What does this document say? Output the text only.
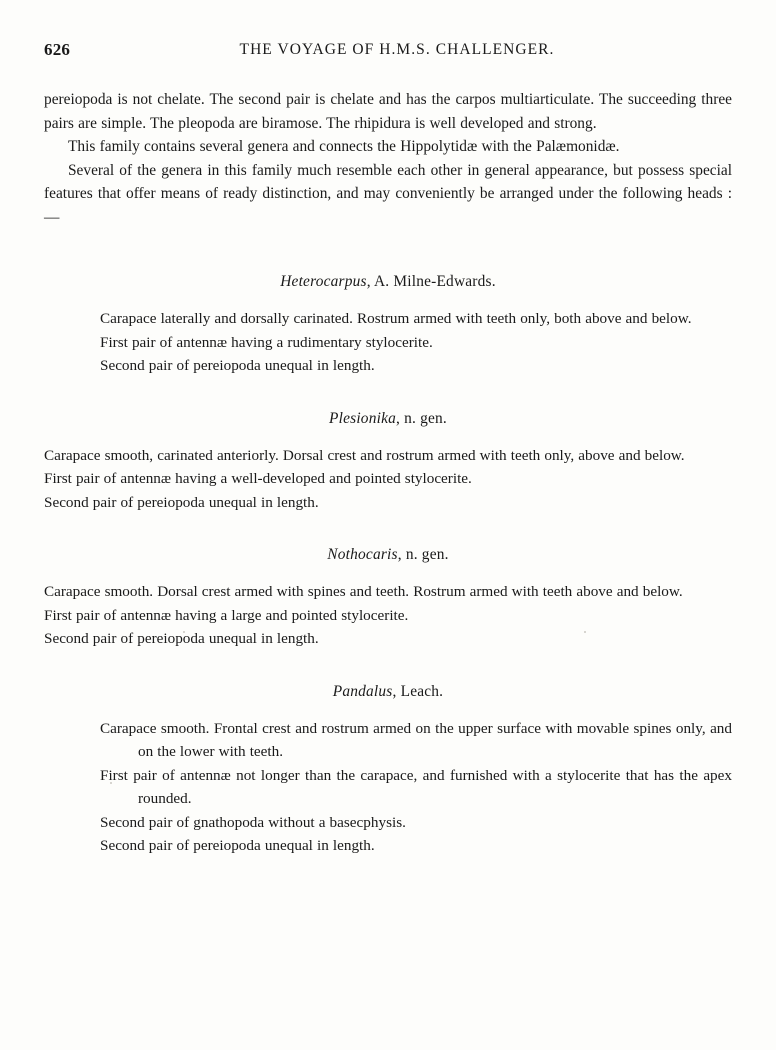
626	THE VOYAGE OF H.M.S. CHALLENGER.

pereiopoda is not chelate. The second pair is chelate and has the carpos multiarticulate. The succeeding three pairs are simple. The pleopoda are biramose. The rhipidura is well developed and strong.

This family contains several genera and connects the Hippolytidæ with the Palæmonidæ.

Several of the genera in this family much resemble each other in general appearance, but possess special features that offer means of ready distinction, and may conveniently be arranged under the following heads :—

Heterocarpus, A. Milne-Edwards.
Carapace laterally and dorsally carinated. Rostrum armed with teeth only, both above and below.
First pair of antennæ having a rudimentary stylocerite.
Second pair of pereiopoda unequal in length.
Plesionika, n. gen.
Carapace smooth, carinated anteriorly. Dorsal crest and rostrum armed with teeth only, above and below.
First pair of antennæ having a well-developed and pointed stylocerite.
Second pair of pereiopoda unequal in length.
Nothocaris, n. gen.
Carapace smooth. Dorsal crest armed with spines and teeth. Rostrum armed with teeth above and below.
First pair of antennæ having a large and pointed stylocerite.
Second pair of pereiopoda unequal in length.
Pandalus, Leach.
Carapace smooth. Frontal crest and rostrum armed on the upper surface with movable spines only, and on the lower with teeth.
First pair of antennæ not longer than the carapace, and furnished with a stylocerite that has the apex rounded.
Second pair of gnathopoda without a basecphysis.
Second pair of pereiopoda unequal in length.
